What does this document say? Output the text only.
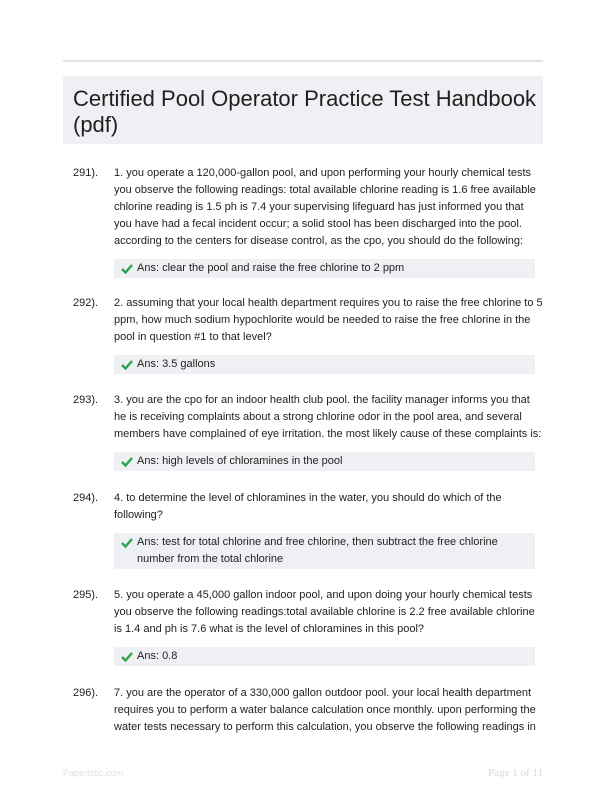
Certified Pool Operator Practice Test Handbook (pdf)
291). 1. you operate a 120,000-gallon pool, and upon performing your hourly chemical tests you observe the following readings: total available chlorine reading is 1.6 free available chlorine reading is 1.5 ph is 7.4 your supervising lifeguard has just informed you that you have had a fecal incident occur; a solid stool has been discharged into the pool. according to the centers for disease control, as the cpo, you should do the following:
Ans: clear the pool and raise the free chlorine to 2 ppm
292). 2. assuming that your local health department requires you to raise the free chlorine to 5 ppm, how much sodium hypochlorite would be needed to raise the free chlorine in the pool in question #1 to that level?
Ans: 3.5 gallons
293). 3. you are the cpo for an indoor health club pool. the facility manager informs you that he is receiving complaints about a strong chlorine odor in the pool area, and several members have complained of eye irritation. the most likely cause of these complaints is:
Ans: high levels of chloramines in the pool
294). 4. to determine the level of chloramines in the water, you should do which of the following?
Ans: test for total chlorine and free chlorine, then subtract the free chlorine number from the total chlorine
295). 5. you operate a 45,000 gallon indoor pool, and upon doing your hourly chemical tests you observe the following readings:total available chlorine is 2.2 free available chlorine is 1.4 and ph is 7.6 what is the level of chloramines in this pool?
Ans: 0.8
296). 7. you are the operator of a 330,000 gallon outdoor pool. your local health department requires you to perform a water balance calculation once monthly. upon performing the water tests necessary to perform this calculation, you observe the following readings in
Paperbttic.com	Page 1 of 11
